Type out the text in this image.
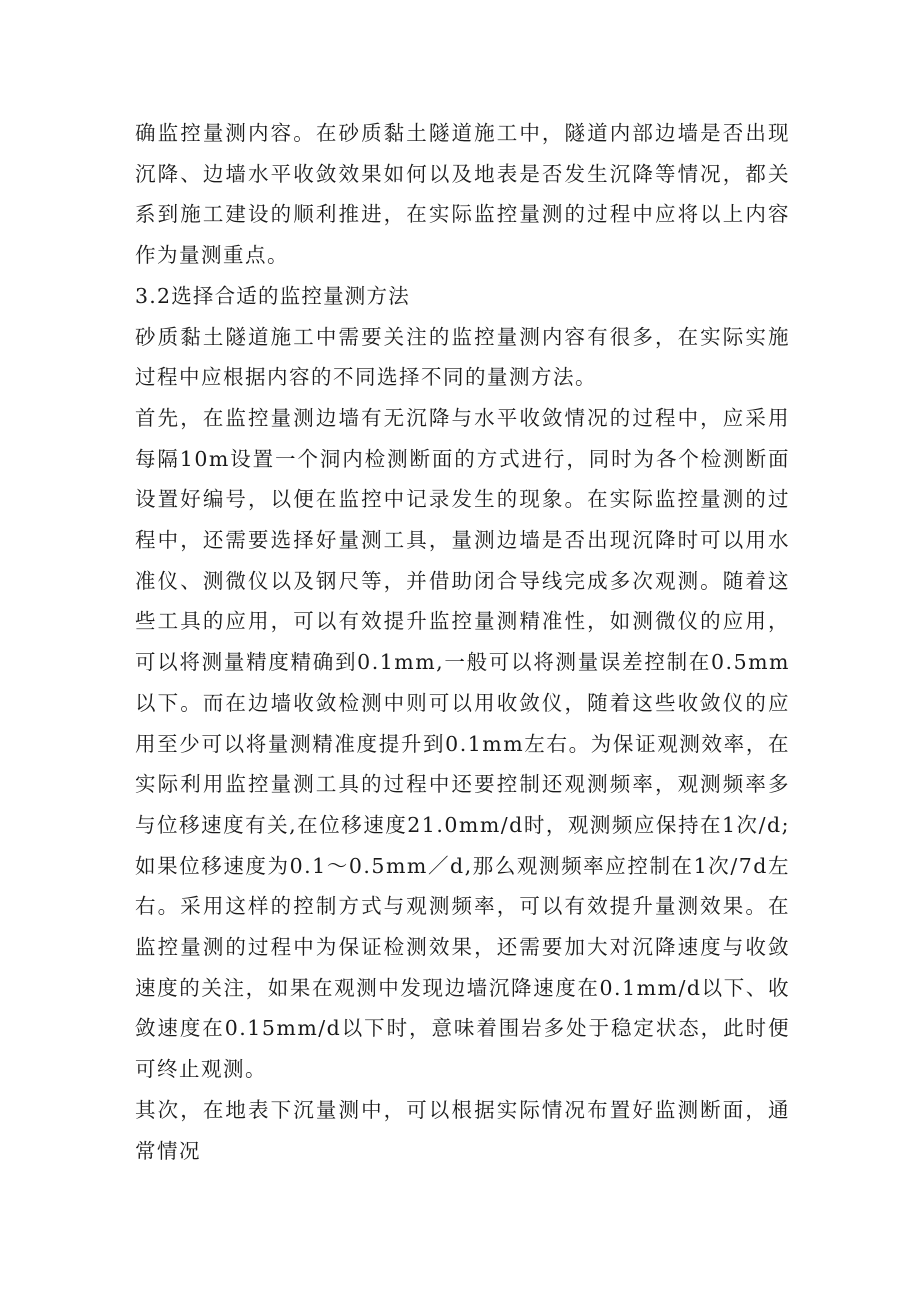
确监控量测内容。在砂质黏土隧道施工中，隧道内部边墙是否出现沉降、边墙水平收敛效果如何以及地表是否发生沉降等情况，都关系到施工建设的顺利推进，在实际监控量测的过程中应将以上内容作为量测重点。

3.2选择合适的监控量测方法

砂质黏土隧道施工中需要关注的监控量测内容有很多，在实际实施过程中应根据内容的不同选择不同的量测方法。

首先，在监控量测边墙有无沉降与水平收敛情况的过程中，应采用每隔10m设置一个洞内检测断面的方式进行，同时为各个检测断面设置好编号，以便在监控中记录发生的现象。在实际监控量测的过程中，还需要选择好量测工具，量测边墙是否出现沉降时可以用水准仪、测微仪以及钢尺等，并借助闭合导线完成多次观测。随着这些工具的应用，可以有效提升监控量测精准性，如测微仪的应用，可以将测量精度精确到0.1mm,一般可以将测量误差控制在0.5mm以下。而在边墙收敛检测中则可以用收敛仪，随着这些收敛仪的应用至少可以将量测精准度提升到0.1mm左右。为保证观测效率，在实际利用监控量测工具的过程中还要控制还观测频率，观测频率多与位移速度有关,在位移速度21.0mm/d时，观测频应保持在1次/d;如果位移速度为0.1～0.5mm／d,那么观测频率应控制在1次/7d左右。采用这样的控制方式与观测频率，可以有效提升量测效果。在监控量测的过程中为保证检测效果，还需要加大对沉降速度与收敛速度的关注，如果在观测中发现边墙沉降速度在0.1mm/d以下、收敛速度在0.15mm/d以下时，意味着围岩多处于稳定状态，此时便可终止观测。

其次，在地表下沉量测中，可以根据实际情况布置好监测断面，通常情况
